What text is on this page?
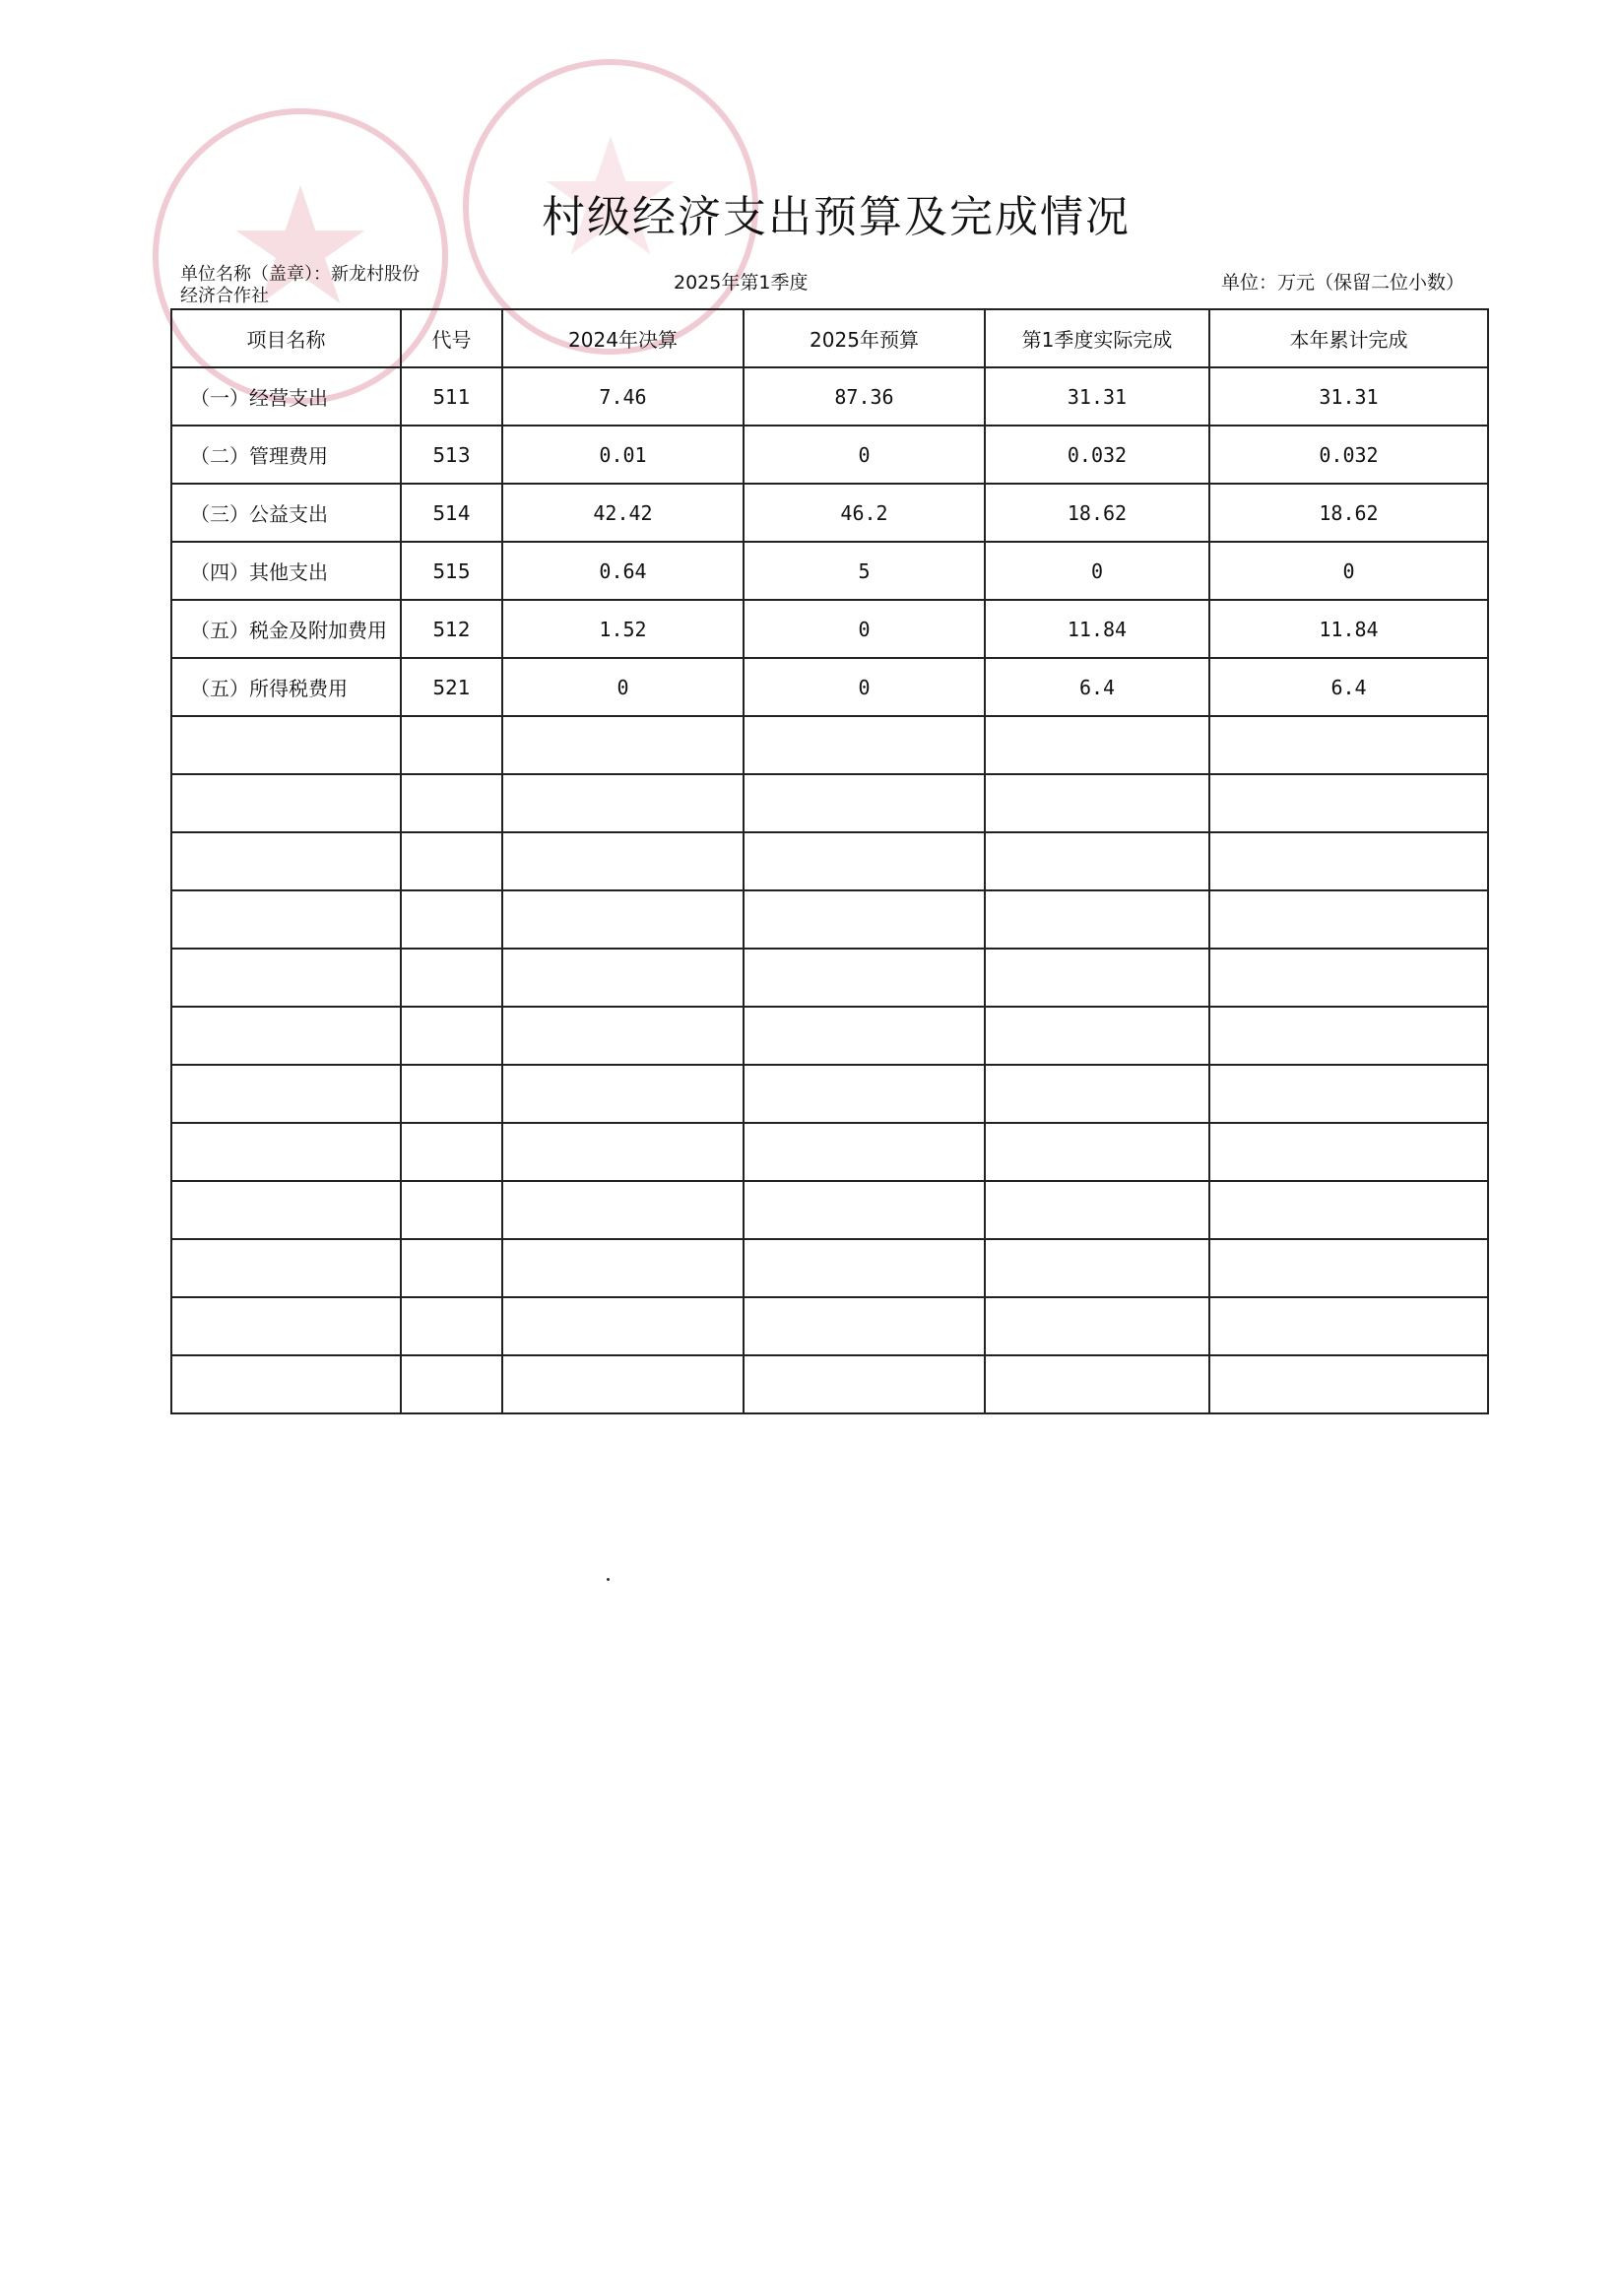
村级经济支出预算及完成情况
单位名称（盖章）：新龙村股份经济合作社
2025年第1季度	单位：万元（保留二位小数）
项目名称	代号	2024年决算	2025年预算	第1季度实际完成	本年累计完成
（一）经营支出	511	7.46	87.36	31.31	31.31
（二）管理费用	513	0.01	0	0.032	0.032
（三）公益支出	514	42.42	46.2	18.62	18.62
（四）其他支出	515	0.64	5	0	0
（五）税金及附加费用	512	1.52	0	11.84	11.84
（五）所得税费用	521	0	0	6.4	6.4
